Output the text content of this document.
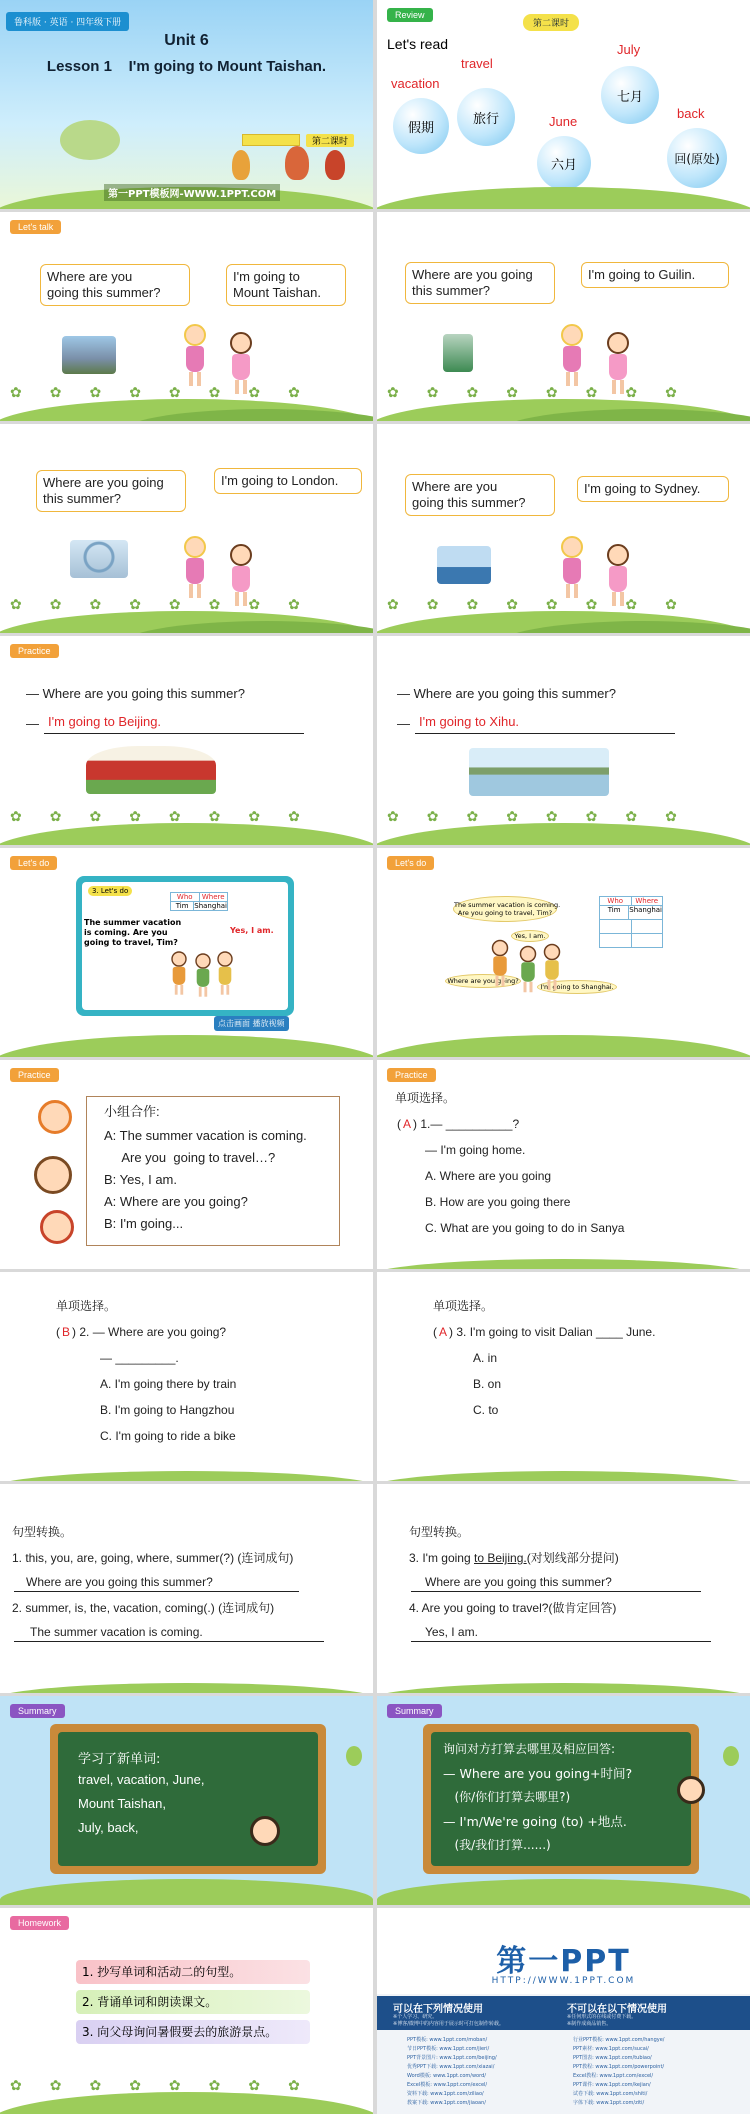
鲁科版 · 英语 · 四年级下册
Unit 6
Lesson 1    I'm going to Mount Taishan.
第二课时
第一PPT模板网-WWW.1PPT.COM
Review
第二课时
Let's read
vacation
假期
travel
旅行	June
六月
July
七月
back
回(原处)
Let's talk
Where are you
going this summer?
I'm going to
Mount Taishan.
✿✿✿✿✿✿✿✿
Where are you going
this summer?
I'm going to Guilin.
✿✿✿✿✿✿✿✿
Where are you going
this summer?
I'm going to London.
✿✿✿✿✿✿✿✿
Where are you
going this summer?
I'm going to Sydney.
✿✿✿✿✿✿✿✿
Practice
— Where are you going this summer?
— I'm going to Beijing.
✿✿✿✿✿✿✿✿
— Where are you going this summer?
— I'm going to Xihu.
✿✿✿✿✿✿✿✿
Let's do
3. Let's do
Who	Where
Tim Shanghai
The summer vacation
is coming. Are you
going to travel, Tim?
Yes, I am.
点击画面 播放视频
Let's do
The summer vacation is coming.
Are you going to travel, Tim?
Yes, I am.
Where are you going?
I'm going to Shanghai.
Who	Where
Tim	Shanghai
Practice
小组合作:
A: The summer vacation is coming.
Are you  going to travel…?
B: Yes, I am.
A: Where are you going?
B: I'm going...
Practice
单项选择。
( A ) 1.— __________?
— I'm going home.
A. Where are you going
B. How are you going there
C. What are you going to do in Sanya
单项选择。
( B ) 2. — Where are you going?
— _________.
A. I'm going there by train
B. I'm going to Hangzhou
C. I'm going to ride a bike
单项选择。
( A ) 3. I'm going to visit Dalian ____ June.
A. in
B. on
C. to
句型转换。
1. this, you, are, going, where, summer(?) (连词成句)
Where are you going this summer?
2. summer, is, the, vacation, coming(.) (连词成句)
The summer vacation is coming.
句型转换。
3. I'm going to Beijing.(对划线部分提问)
Where are you going this summer?
4. Are you going to travel?(做肯定回答)
Yes, I am.
Summary
学习了新单词:
travel, vacation, June,
Mount Taishan,
July, back,
Summary
询问对方打算去哪里及相应回答:
— Where are you going+时间?
(你/你们打算去哪里?)
— I'm/We're going (to) +地点.
(我/我们打算......)
Homework
1. 抄写单词和活动二的句型。
2. 背诵单词和朗读课文。
3. 向父母询问暑假要去的旅游景点。
✿✿✿✿✿✿✿✿
第一PPT
HTTP://WWW.1PPT.COM
可以在下列情况使用	不可以在以下情况使用
※个人学习、研究。
※博客/微博中的内容用于展示时可打包制作转载。
※任何形式的在线或付费下载。
※制作成商品销售。
PPT模板: www.1ppt.com/moban/
节日PPT模板: www.1ppt.com/jieri/
PPT背景图片: www.1ppt.com/beijing/
优秀PPT下载: www.1ppt.com/xiazai/
Word模板: www.1ppt.com/word/
Excel模板: www.1ppt.com/excel/
资料下载: www.1ppt.com/ziliao/
教案下载: www.1ppt.com/jiaoan/
行业PPT模板: www.1ppt.com/hangye/
PPT素材: www.1ppt.com/sucai/
PPT图表: www.1ppt.com/tubiao/
PPT教程: www.1ppt.com/powerpoint/
Excel教程: www.1ppt.com/excel/
PPT课件: www.1ppt.com/kejian/
试卷下载: www.1ppt.com/shiti/
字体下载: www.1ppt.com/ziti/
